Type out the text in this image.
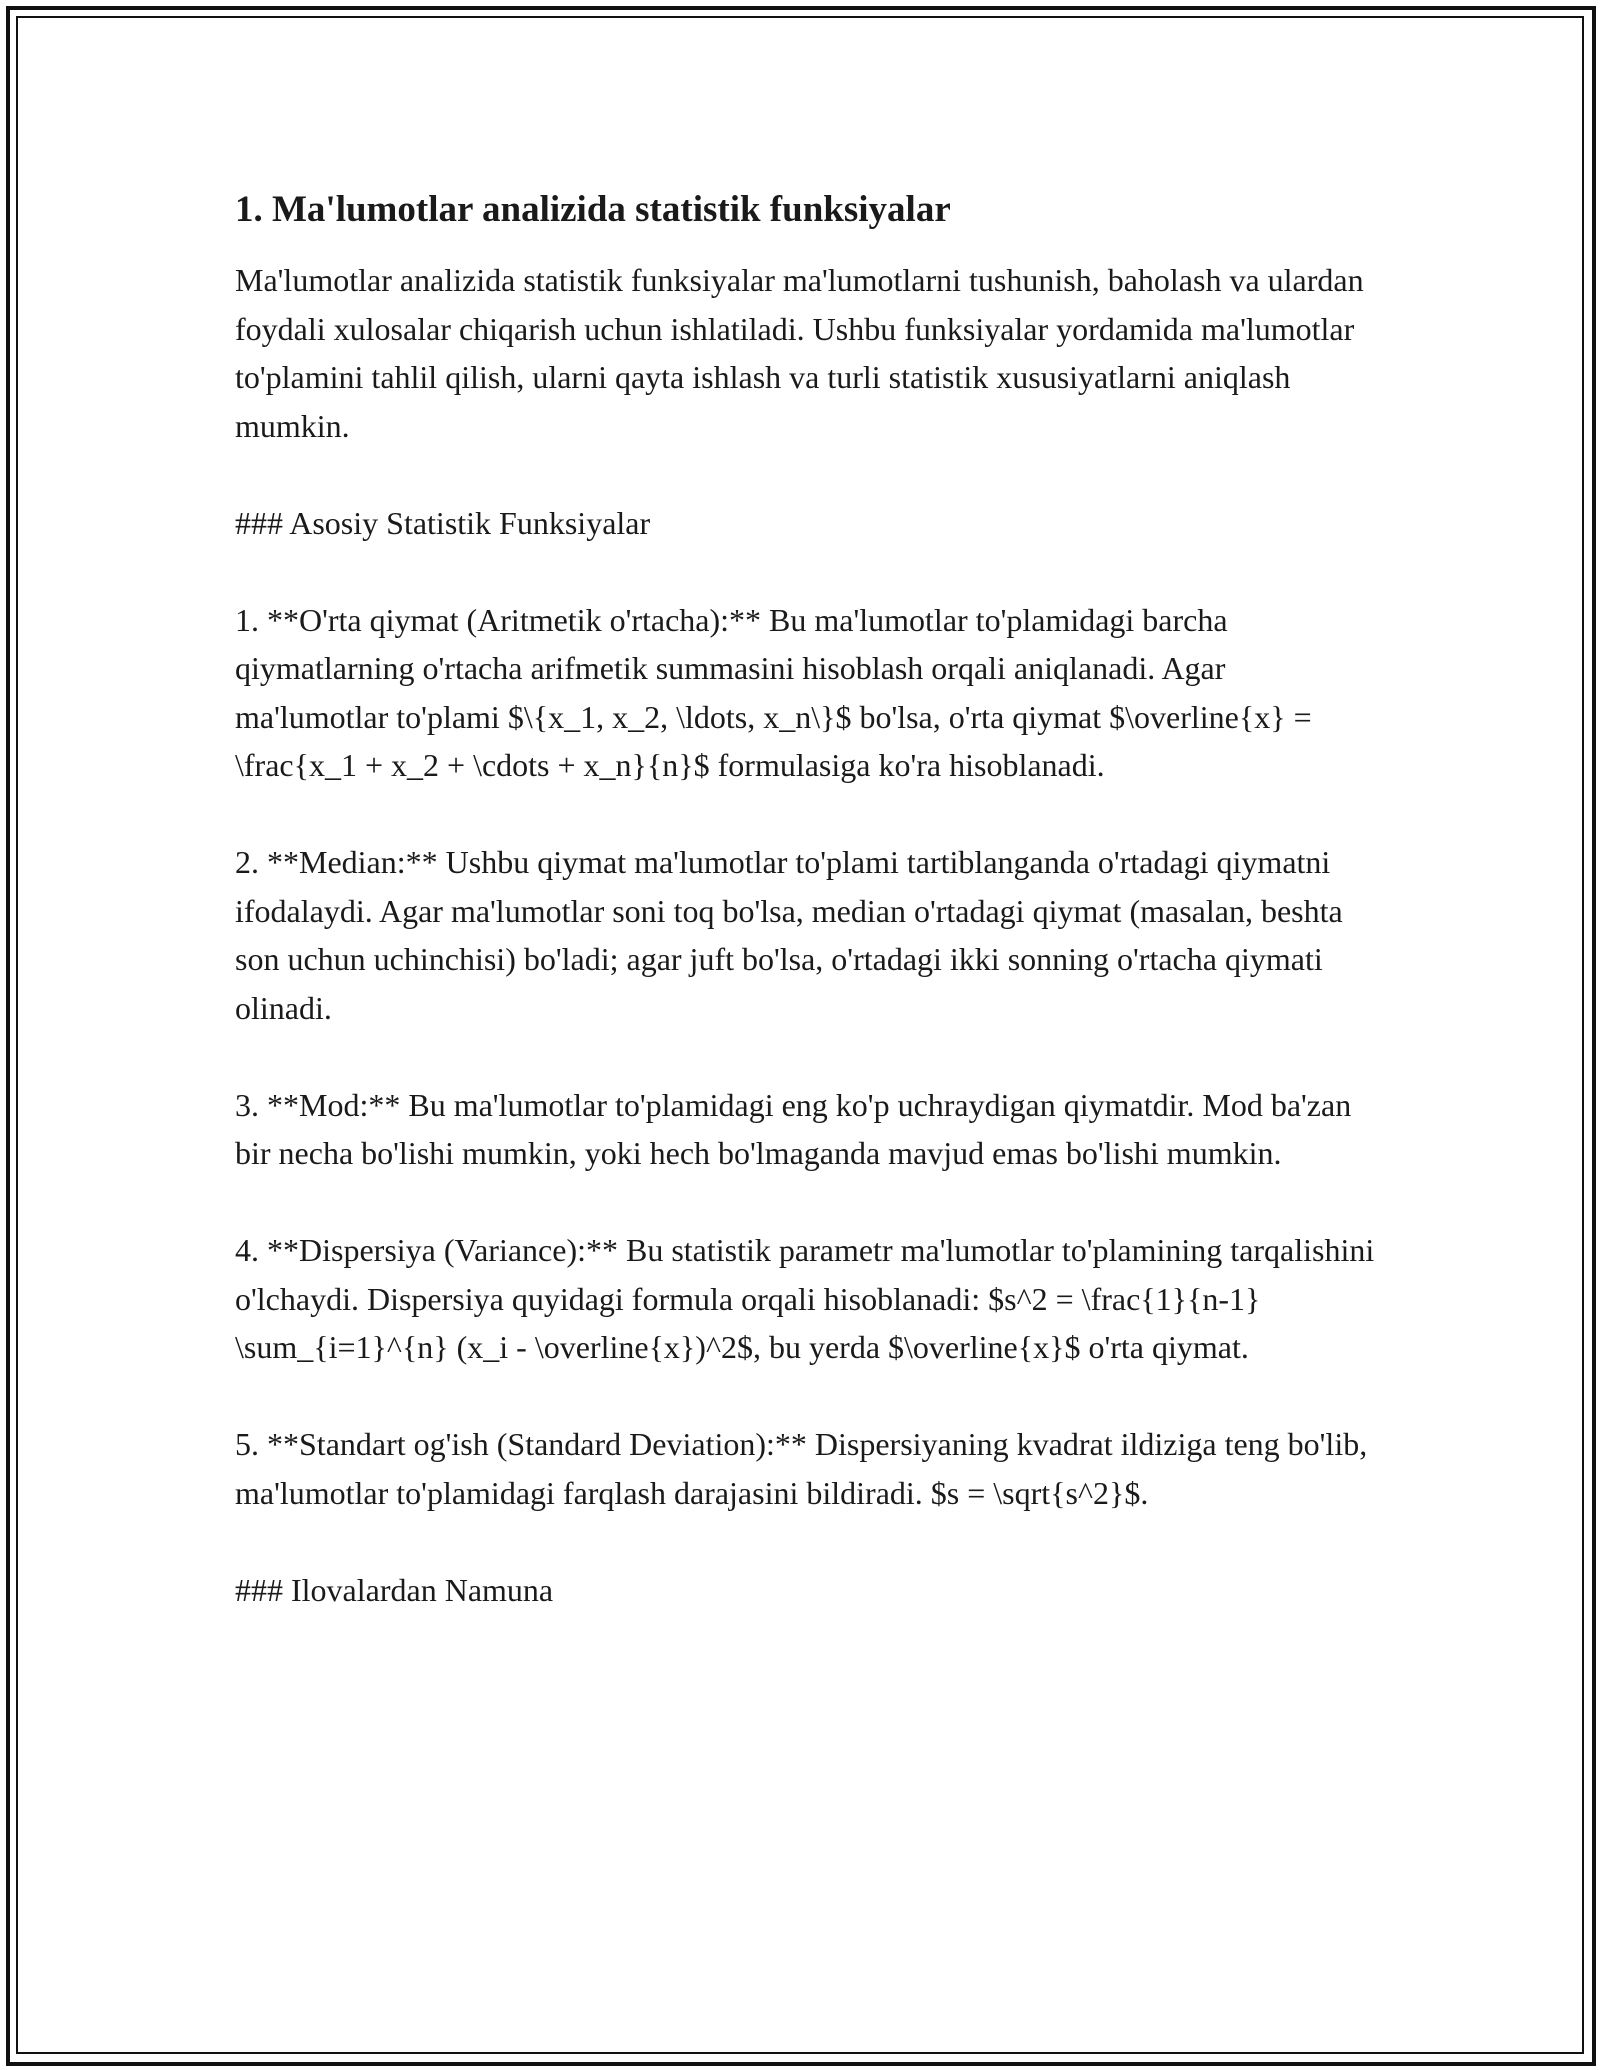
1. Ma'lumotlar analizida statistik funksiyalar

Ma'lumotlar analizida statistik funksiyalar ma'lumotlarni tushunish, baholash va ulardan foydali xulosalar chiqarish uchun ishlatiladi. Ushbu funksiyalar yordamida ma'lumotlar to'plamini tahlil qilish, ularni qayta ishlash va turli statistik xususiyatlarni aniqlash mumkin.

### Asosiy Statistik Funksiyalar

1. **O'rta qiymat (Aritmetik o'rtacha):** Bu ma'lumotlar to'plamidagi barcha qiymatlarning o'rtacha arifmetik summasini hisoblash orqali aniqlanadi. Agar ma'lumotlar to'plami $\{x_1, x_2, \ldots, x_n\}$ bo'lsa, o'rta qiymat $\overline{x} = \frac{x_1 + x_2 + \cdots + x_n}{n}$ formulasiga ko'ra hisoblanadi.

2. **Median:** Ushbu qiymat ma'lumotlar to'plami tartiblanganda o'rtadagi qiymatni ifodalaydi. Agar ma'lumotlar soni toq bo'lsa, median o'rtadagi qiymat (masalan, beshta son uchun uchinchisi) bo'ladi; agar juft bo'lsa, o'rtadagi ikki sonning o'rtacha qiymati olinadi.

3. **Mod:** Bu ma'lumotlar to'plamidagi eng ko'p uchraydigan qiymatdir. Mod ba'zan bir necha bo'lishi mumkin, yoki hech bo'lmaganda mavjud emas bo'lishi mumkin.

4. **Dispersiya (Variance):** Bu statistik parametr ma'lumotlar to'plamining tarqalishini o'lchaydi. Dispersiya quyidagi formula orqali hisoblanadi: $s^2 = \frac{1}{n-1} \sum_{i=1}^{n} (x_i - \overline{x})^2$, bu yerda $\overline{x}$ o'rta qiymat.

5. **Standart og'ish (Standard Deviation):** Dispersiyaning kvadrat ildiziga teng bo'lib, ma'lumotlar to'plamidagi farqlash darajasini bildiradi. $s = \sqrt{s^2}$.

### Ilovalardan Namuna
